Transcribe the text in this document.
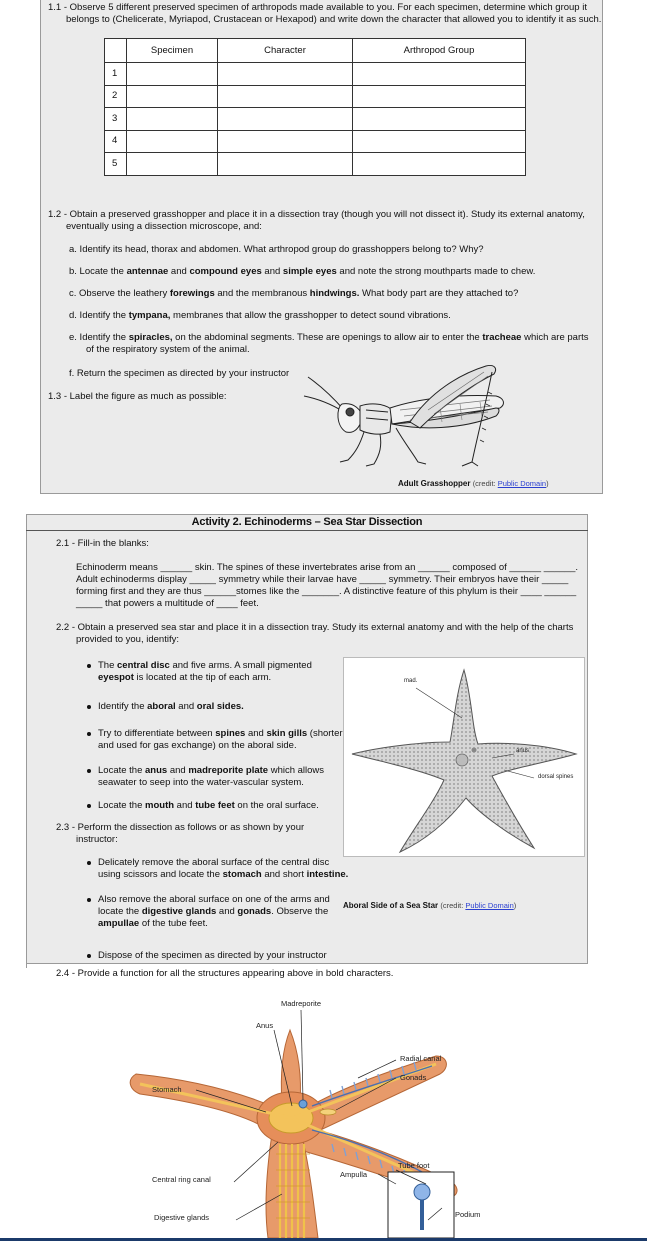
1.1 - Observe 5 different preserved specimen of arthropods made available to you. For each specimen, determine which group it
belongs to (Chelicerate, Myriapod, Crustacean or Hexapod) and write down the character that allowed you to identify it as such.
	Specimen	Character	Arthropod Group
1			
2			
3			
4			
5			
1.2 - Obtain a preserved grasshopper and place it in a dissection tray (though you will not dissect it). Study its external anatomy,
eventually using a dissection microscope, and:
a. Identify its head, thorax and abdomen. What arthropod group do grasshoppers belong to? Why?
b. Locate the antennae and compound eyes and simple eyes and note the strong mouthparts made to chew.
c. Observe the leathery forewings and the membranous hindwings. What body part are they attached to?
d. Identify the tympana, membranes that allow the grasshopper to detect sound vibrations.
e. Identify the spiracles, on the abdominal segments. These are openings to allow air to enter the tracheae which are parts
of the respiratory system of the animal.
f. Return the specimen as directed by your instructor
1.3 - Label the figure as much as possible:
Adult Grasshopper (credit: Public Domain)
Activity 2. Echinoderms – Sea Star Dissection
2.1 - Fill-in the blanks:
Echinoderm means ______ skin. The spines of these invertebrates arise from an ______ composed of ______ ______.
Adult echinoderms display _____ symmetry while their larvae have _____ symmetry. Their embryos have their _____
forming first and they are thus ______stomes like the _______. A distinctive feature of this phylum is their ____ ______
_____ that powers a multitude of ____ feet.
2.2 - Obtain a preserved sea star and place it in a dissection tray. Study its external anatomy and with the help of the charts
provided to you, identify:
The central disc and five arms. A small pigmented
eyespot is located at the tip of each arm.
Identify the aboral and oral sides.
Try to differentiate between spines and skin gills (shorter
and used for gas exchange) on the aboral side.
Locate the anus and madreporite plate which allows
seawater to seep into the water-vascular system.
Locate the mouth and tube feet on the oral surface.
2.3 - Perform the dissection as follows or as shown by your
instructor:
Delicately remove the aboral surface of the central disc
using scissors and locate the stomach and short intestine.
Also remove the aboral surface on one of the arms and
locate the digestive glands and gonads. Observe the
ampullae of the tube feet.
mad.
anus
dorsal spines
Aboral Side of a Sea Star (credit: Public Domain)
Dispose of the specimen as directed by your instructor
2.4 - Provide a function for all the structures appearing above in bold characters.
Madreporite
Anus
Radial canal
Gonads
Stomach
Tube foot
Central ring canal
Ampulla
Digestive glands	Podium
